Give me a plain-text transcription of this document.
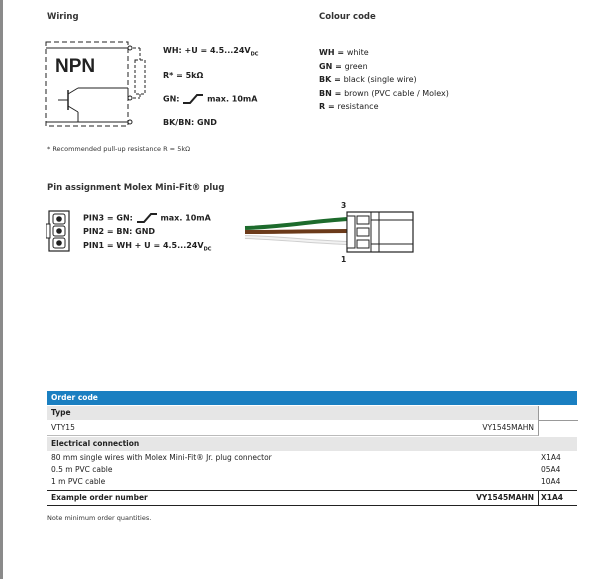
Wiring
NPN
WH: $+U = 4.5...24V_{DC}$
R* = 5kΩ
GN:	max. 10mA
BK/BN: GND
* Recommended pull-up resistance R = 5kΩ
Colour code
WH = white
GN = green
BK = black (single wire)
BN = brown (PVC cable / Molex)
R = resistance
Pin assignment Molex Mini-Fit® plug
PIN3 = GN:	max. 10mA
PIN2 = BN: GND
PIN1 = WH + $U = 4.5...24V_{DC}$
3
1
Order code
Type
VTY15	VY1545MAHN
Electrical connection
80 mm single wires with Molex Mini-Fit® Jr. plug connector	X1A4
0.5 m PVC cable	05A4
1 m PVC cable	10A4
Example order number	VY1545MAHN X1A4
Note minimum order quantities.
